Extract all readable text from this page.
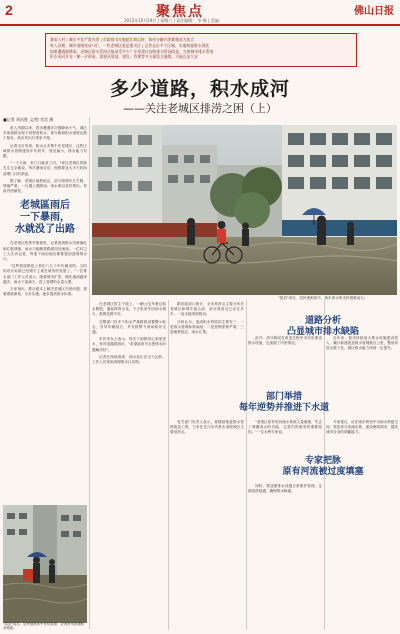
2	聚焦点
2013年10月19日 | 星期六 | 责任编辑： 李 娜 | 美编：
佛山日报

暴雨入村 | 城区多处严重内涝 | 市政排水设施超负荷运转，如何分解内涝难题成为焦点

每入汛期，城市道路变成"河"，一些老城区更是重灾区 | 记者走访多个区域，实地调查排水现状

如果遭遇强降雨，老城区排水管网还能承受多少？专家建议加快排水管网改造，完善城市排水系统

积水成河并非一朝一夕形成，需要从规划、建设、管理等多方面综合施策，方能长治久安

多少道路，积水成河
——关注老城区排涝之困（上）
■记者 胡昌胜 文/图 刘美 摄

进入汛期以来，我市遭遇多次强降雨天气，城区多条道路出现不同程度积水，部分路段积水深度达数十厘米，给市民出行带来不便。

记者走访发现，积水点多集中在老城区，这些区域排水管网建设年代较早，管径偏小，排水能力有限。

"一下大雨，家门口就成了河。"家住老城区的陈先生无奈地说。每次暴雨过后，他都要花大半天时间清理门口的淤泥。

据了解，老城区地势低洼，部分管网年久失修，堵塞严重，一旦遇上强降雨，雨水难以及时排出，导致内涝频发。

老城區雨后
一下暴雨，
水就没了出路

在老城区的狭窄街巷里，记者看到排水沟被落叶和垃圾堵塞，雨水只能顺着路面四处流淌。一位环卫工人告诉记者，每逢下雨前他们都要提前清理排水口。

"这些管道都是上世纪八九十年代铺设的，当时的设计标准已经跟不上现在城市的发展了。"一位排水部门工作人员表示，随着城市扩张，硬化地面越来越多，雨水下渗减少，进入管网的水量大增。

专家指出，要从根本上解决老城区内涝问题，需要系统谋划，分步实施，逐步提高排水标准。

"屋顶"成岛，居民被困家中，骑车涉水的市民艰难前行。

在老城区的主干道上，一辆公交车驶过积水路段，激起阵阵水花。不少私家车因涉水熄火，被困在路中央。

交警部门在多个积水严重路段设置警示标志，引导车辆绕行，并安排警力现场疏导交通。

市民李女士表示，每次下雨都担心家里进水，家具电器被泡坏，"希望政府早点把排水问题解决好"。

记者在现场看到，抽水泵正在全力运转，工作人员冒雨清理排水口杂物。

据市政部门统计，全市易涝点主要分布在老城区和城乡接合部，部分易涝点已存在多年，一直未能得到根治。

分析认为，造成积水的原因主要有三：一是排水管网标准偏低；二是管网淤积严重；三是地势低洼，雨水汇集。

道路分析
凸显城市排水缺陷

此外，部分路段在改造过程中未同步建设排水设施，也加剧了内涝情况。

近年来，我市持续加大排水设施建设投入，累计新建改造排水管网数百公里，整治易涝点数十处，城区排水能力得到一定提升。

部门举措
每年逆势并推进下水道

有关部门负责人表示，将继续推进排水管网改造工程，力争在近几年内基本消除城区主要易涝点。

"老城区原有的河涌水系被大量填埋，失去了调蓄雨水的功能，这是内涝频发的重要原因。"一位水利专家说。

专家建议，应在城市规划中为雨水预留空间，恢复部分河涌水系，建设海绵城市，提高城市自身的调蓄能力。

专家把脉
原有河流被过度填塞

同时，要加强排水设施日常维护管理，定期清淤疏通，确保排水畅通。

"屋顶"成岛，居民被困家中等待救援；记者涉水拍摄积水路面。
